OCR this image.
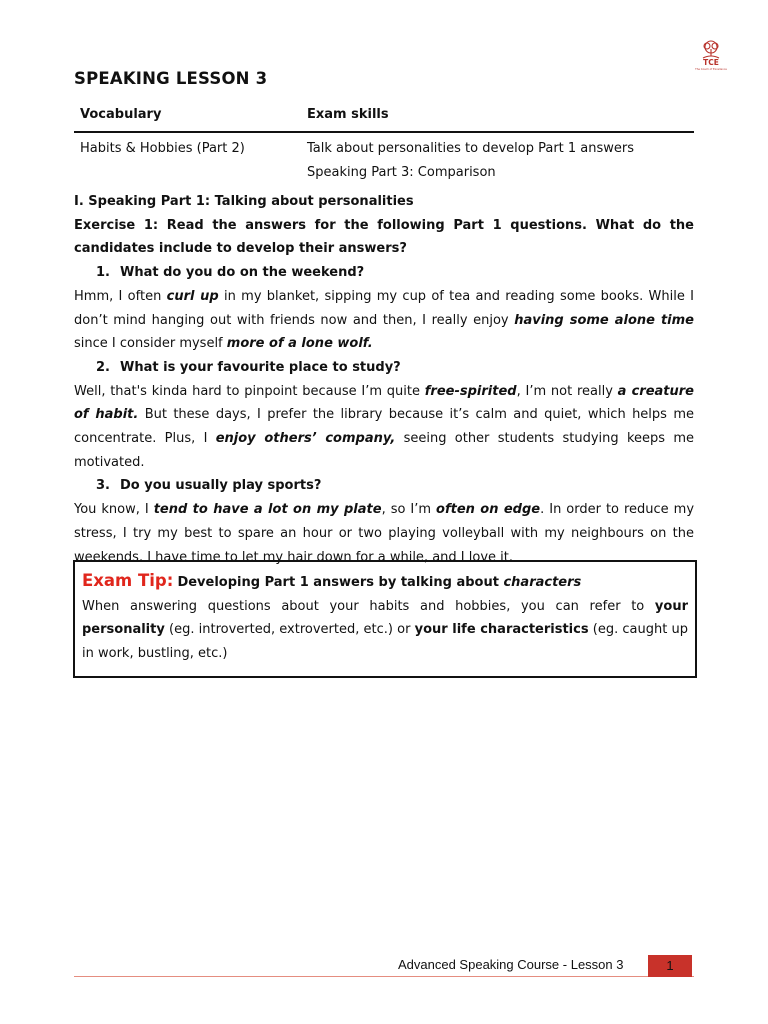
TCE
The Coach of Excellence
SPEAKING LESSON 3
Vocabulary	Exam skills
Habits & Hobbies (Part 2)	Talk about personalities to develop Part 1 answers
Speaking Part 3: Comparison

I. Speaking Part 1: Talking about personalities

Exercise 1: Read the answers for the following Part 1 questions. What do the candidates include to develop their answers?

1. What do you do on the weekend?

Hmm, I often curl up in my blanket, sipping my cup of tea and reading some books. While I don’t mind hanging out with friends now and then, I really enjoy having some alone time since I consider myself more of a lone wolf.

2. What is your favourite place to study?

Well, that's kinda hard to pinpoint because I’m quite free-spirited, I’m not really a creature of habit. But these days, I prefer the library because it’s calm and quiet, which helps me concentrate. Plus, I enjoy others’ company, seeing other students studying keeps me motivated.

3. Do you usually play sports?

You know, I tend to have a lot on my plate, so I’m often on edge. In order to reduce my stress, I try my best to spare an hour or two playing volleyball with my neighbours on the weekends. I have time to let my hair down for a while, and I love it.

Exam Tip: Developing Part 1 answers by talking about characters

When answering questions about your habits and hobbies, you can refer to your personality (eg. introverted, extroverted, etc.) or your life characteristics (eg. caught up in work, bustling, etc.)

Advanced Speaking Course - Lesson 3	1
